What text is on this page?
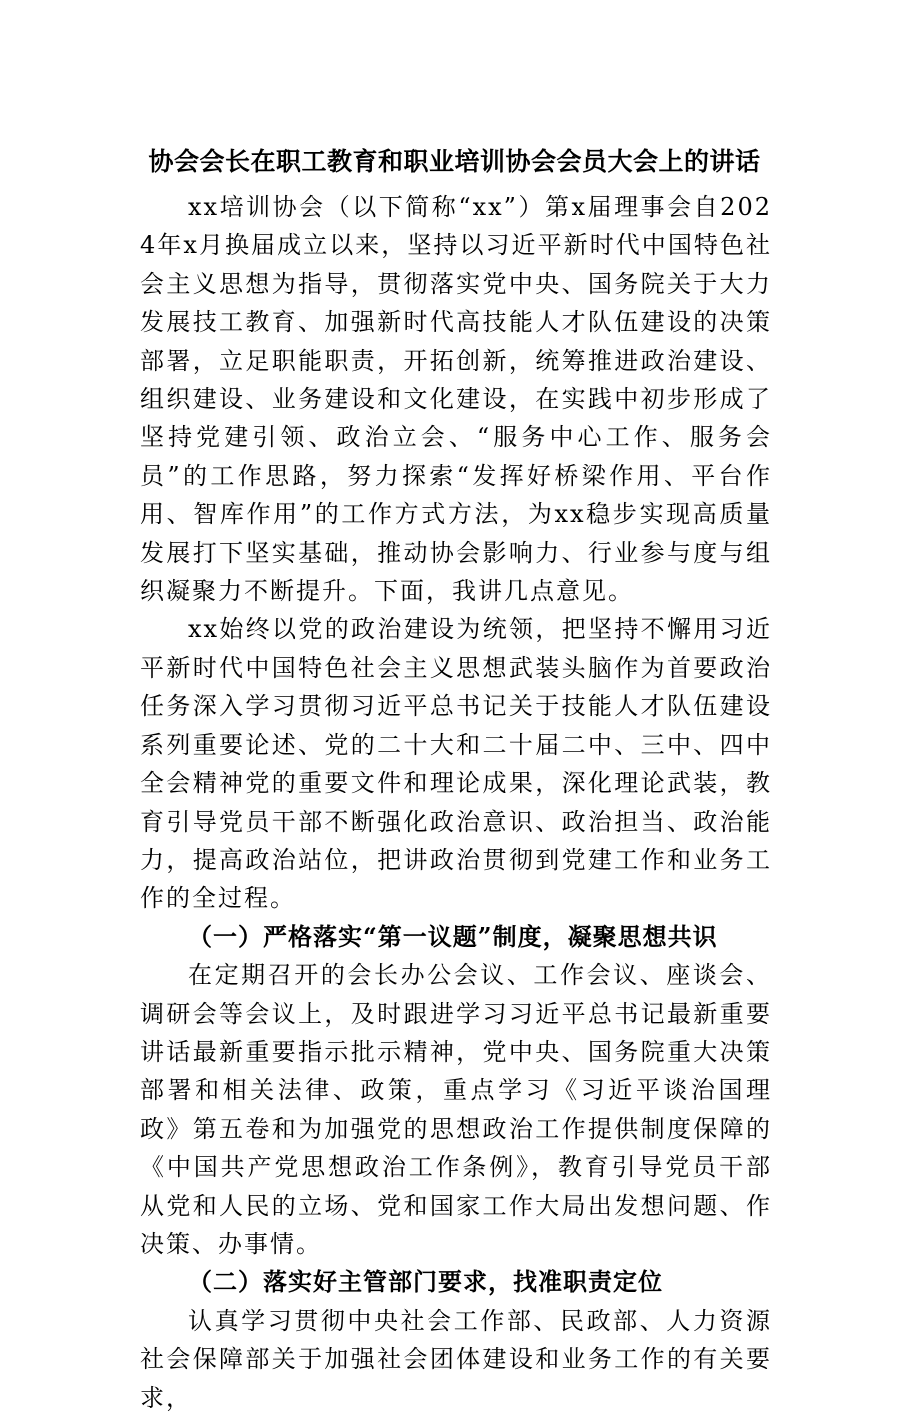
协会会长在职工教育和职业培训协会会员大会上的讲话

xx培训协会（以下简称“xx”）第x届理事会自2024年x月换届成立以来，坚持以习近平新时代中国特色社会主义思想为指导，贯彻落实党中央、国务院关于大力发展技工教育、加强新时代高技能人才队伍建设的决策部署，立足职能职责，开拓创新，统筹推进政治建设、组织建设、业务建设和文化建设，在实践中初步形成了坚持党建引领、政治立会、“服务中心工作、服务会员”的工作思路，努力探索“发挥好桥梁作用、平台作用、智库作用”的工作方式方法，为xx稳步实现高质量发展打下坚实基础，推动协会影响力、行业参与度与组织凝聚力不断提升。下面，我讲几点意见。

xx始终以党的政治建设为统领，把坚持不懈用习近平新时代中国特色社会主义思想武装头脑作为首要政治任务深入学习贯彻习近平总书记关于技能人才队伍建设系列重要论述、党的二十大和二十届二中、三中、四中全会精神党的重要文件和理论成果，深化理论武装，教育引导党员干部不断强化政治意识、政治担当、政治能力，提高政治站位，把讲政治贯彻到党建工作和业务工作的全过程。

（一）严格落实“第一议题”制度，凝聚思想共识

在定期召开的会长办公会议、工作会议、座谈会、调研会等会议上，及时跟进学习习近平总书记最新重要讲话最新重要指示批示精神，党中央、国务院重大决策部署和相关法律、政策，重点学习《习近平谈治国理政》第五卷和为加强党的思想政治工作提供制度保障的《中国共产党思想政治工作条例》，教育引导党员干部从党和人民的立场、党和国家工作大局出发想问题、作决策、办事情。

（二）落实好主管部门要求，找准职责定位

认真学习贯彻中央社会工作部、民政部、人力资源社会保障部关于加强社会团体建设和业务工作的有关要求，
